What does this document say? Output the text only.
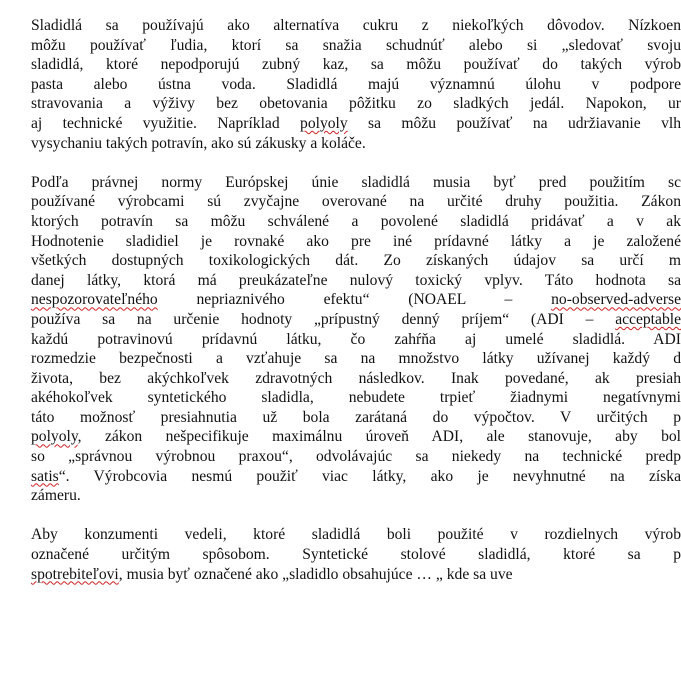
Sladidlá sa používajú ako alternatíva cukru z niekoľkých dôvodov. Nízkoen
môžu používať ľudia, ktorí sa snažia schudnúť alebo si „sledovať svoju
sladidlá, ktoré nepodporujú zubný kaz, sa môžu používať do takých výrob
pasta alebo ústna voda. Sladidlá majú významnú úlohu v podpore
stravovania a výživy bez obetovania pôžitku zo sladkých jedál. Napokon, ur
aj technické využitie. Napríklad polyoly sa môžu používať na udržiavanie vlh
vysychaniu takých potravín, ako sú zákusky a koláče.
Podľa právnej normy Európskej únie sladidlá musia byť pred použitím sc
používané výrobcami sú zvyčajne overované na určité druhy použitia. Zákon
ktorých potravín sa môžu schválené a povolené sladidlá pridávať a v ak
Hodnotenie sladidiel je rovnaké ako pre iné prídavné látky a je založené
všetkých dostupných toxikologických dát. Zo získaných údajov sa určí m
danej látky, ktorá má preukázateľne nulový toxický vplyv. Táto hodnota sa
nespozorovateľného nepriaznivého efektu“ (NOAEL – no-observed-adverse
používa sa na určenie hodnoty „prípustný denný príjem“ (ADI – acceptable
každú potravinovú prídavnú látku, čo zahŕňa aj umelé sladidlá. ADI
rozmedzie bezpečnosti a vzťahuje sa na množstvo látky užívanej každý d
života, bez akýchkoľvek zdravotných následkov. Inak povedané, ak presiah
akéhokoľvek syntetického sladidla, nebudete trpieť žiadnymi negatívnymi
táto možnosť presiahnutia už bola zarátaná do výpočtov. V určitých p
polyoly, zákon nešpecifikuje maximálnu úroveň ADI, ale stanovuje, aby bol
so „správnou výrobnou praxou“, odvolávajúc sa niekedy na technické predp
satis“. Výrobcovia nesmú použiť viac látky, ako je nevyhnutné na získa
zámeru.
Aby konzumenti vedeli, ktoré sladidlá boli použité v rozdielnych výrob
označené určitým spôsobom. Syntetické stolové sladidlá, ktoré sa p
spotrebiteľovi, musia byť označené ako „sladidlo obsahujúce … „ kde sa uve
